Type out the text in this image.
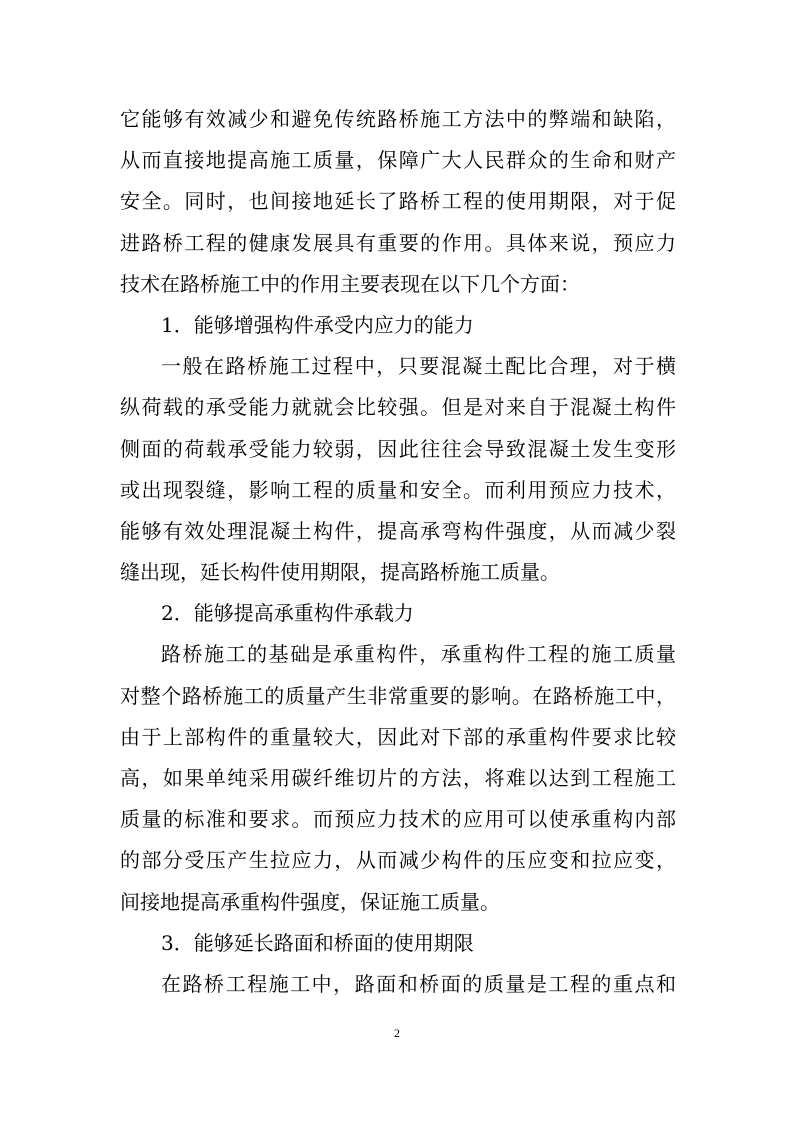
它能够有效减少和避免传统路桥施工方法中的弊端和缺陷，
从而直接地提高施工质量，保障广大人民群众的生命和财产
安全。同时，也间接地延长了路桥工程的使用期限，对于促
进路桥工程的健康发展具有重要的作用。具体来说，预应力
技术在路桥施工中的作用主要表现在以下几个方面：
1．能够增强构件承受内应力的能力
一般在路桥施工过程中，只要混凝土配比合理，对于横
纵荷载的承受能力就就会比较强。但是对来自于混凝土构件
侧面的荷载承受能力较弱，因此往往会导致混凝土发生变形
或出现裂缝，影响工程的质量和安全。而利用预应力技术，
能够有效处理混凝土构件，提高承弯构件强度，从而减少裂
缝出现，延长构件使用期限，提高路桥施工质量。
2．能够提高承重构件承载力
路桥施工的基础是承重构件，承重构件工程的施工质量
对整个路桥施工的质量产生非常重要的影响。在路桥施工中，
由于上部构件的重量较大，因此对下部的承重构件要求比较
高，如果单纯采用碳纤维切片的方法，将难以达到工程施工
质量的标准和要求。而预应力技术的应用可以使承重构内部
的部分受压产生拉应力，从而减少构件的压应变和拉应变，
间接地提高承重构件强度，保证施工质量。
3．能够延长路面和桥面的使用期限
在路桥工程施工中，路面和桥面的质量是工程的重点和
2
